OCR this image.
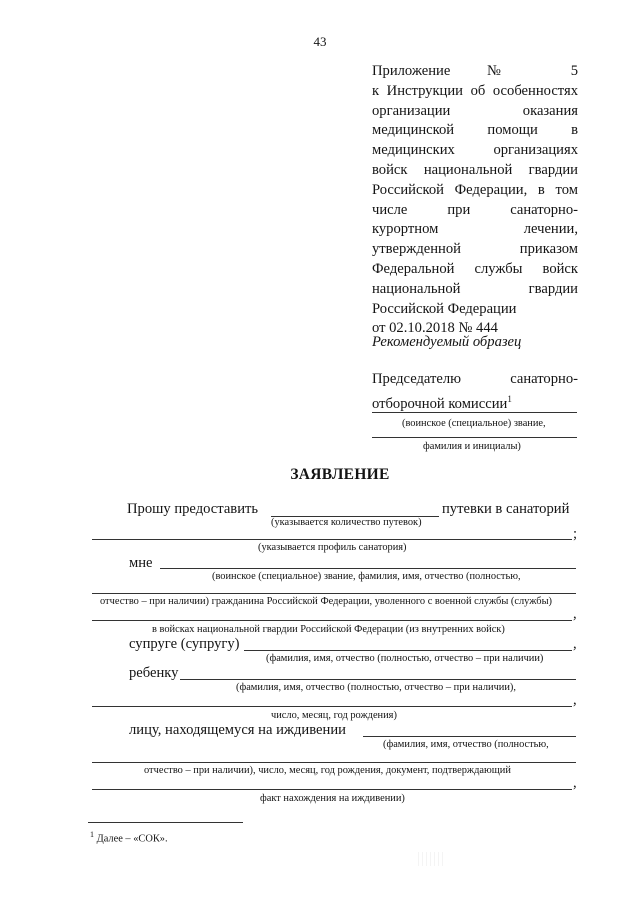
43
Приложение № 5
к Инструкции об особенностях
организации оказания
медицинской помощи в
медицинских организациях
войск национальной гвардии
Российской Федерации, в том
числе при санаторно-
курортном лечении,
утвержденной приказом
Федеральной службы войск
национальной гвардии
Российской Федерации
от 02.10.2018 № 444
Рекомендуемый образец
Председателю санаторно-
отборочной комиссии$^1$
(воинское (специальное) звание,
фамилия и инициалы)
ЗАЯВЛЕНИЕ
Прошу предоставить	путевки в санаторий
(указывается количество путевок)
;
(указывается профиль санатория)
мне
(воинское (специальное) звание, фамилия, имя, отчество (полностью,
отчество – при наличии) гражданина Российской Федерации, уволенного с военной службы (службы)
,
в войсках национальной гвардии Российской Федерации (из внутренних войск)
супруге (супругу)	,
(фамилия, имя, отчество (полностью, отчество – при наличии)
ребенку
(фамилия, имя, отчество (полностью, отчество – при наличии),
,
число, месяц, год рождения)
лицу, находящемуся на иждивении
(фамилия, имя, отчество (полностью,
отчество – при наличии), число, месяц, год рождения, документ, подтверждающий
,
факт нахождения на иждивении)
$^1$ Далее – «СОК».
